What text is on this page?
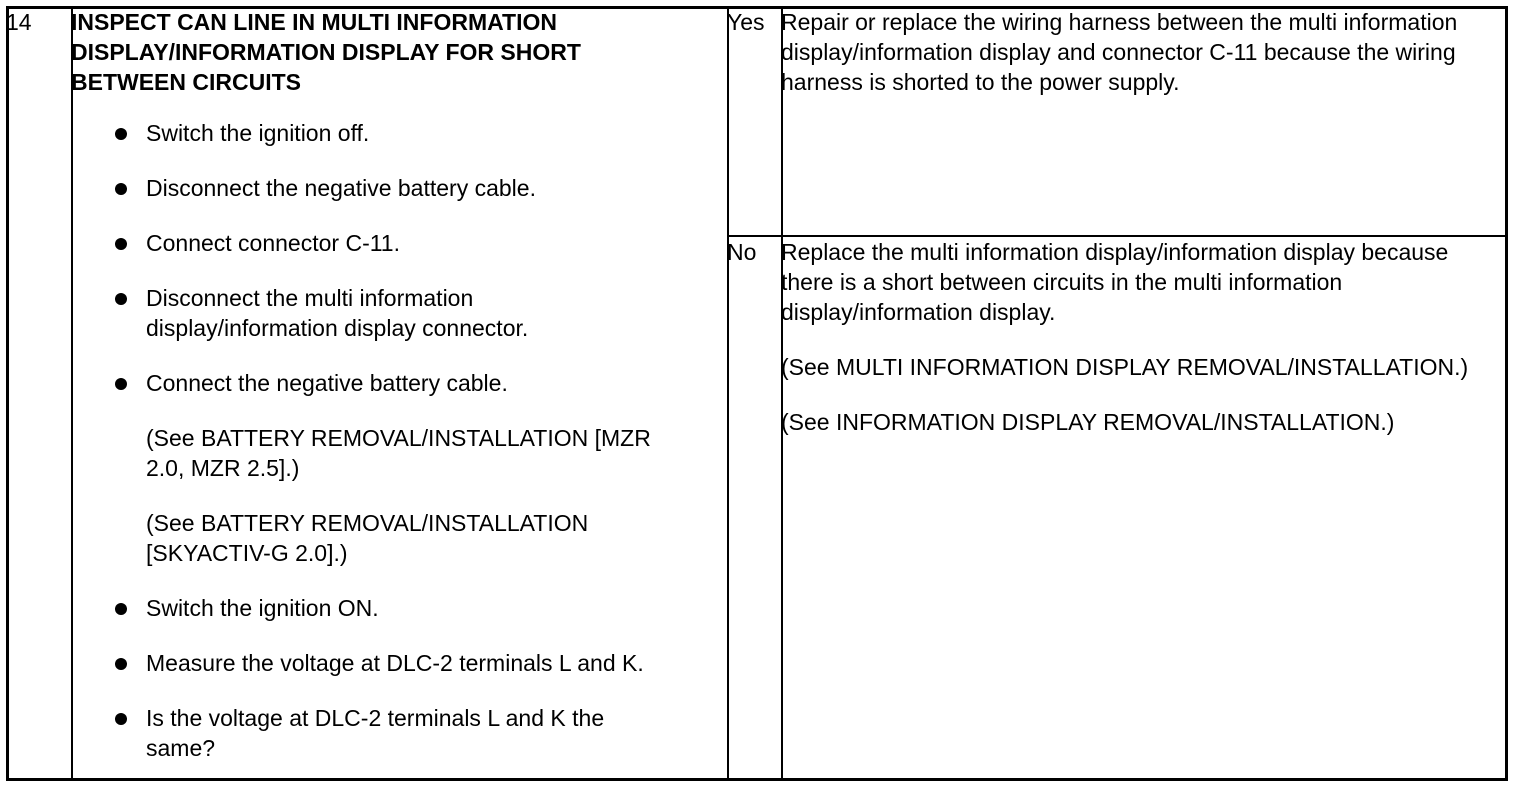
14 INSPECT CAN LINE IN MULTI INFORMATION DISPLAY/INFORMATION DISPLAY FOR SHORT BETWEEN CIRCUITS
Switch the ignition off.
Disconnect the negative battery cable.
Connect connector C-11.
Disconnect the multi information display/information display connector.
Connect the negative battery cable.
(See BATTERY REMOVAL/INSTALLATION [MZR 2.0, MZR 2.5].)
(See BATTERY REMOVAL/INSTALLATION [SKYACTIV-G 2.0].)
Switch the ignition ON.
Measure the voltage at DLC-2 terminals L and K.
Is the voltage at DLC-2 terminals L and K the same?
Yes Repair or replace the wiring harness between the multi information display/information display and connector C-11 because the wiring harness is shorted to the power supply.

No Replace the multi information display/information display because there is a short between circuits in the multi information display/information display.

(See MULTI INFORMATION DISPLAY REMOVAL/INSTALLATION.)

(See INFORMATION DISPLAY REMOVAL/INSTALLATION.)
